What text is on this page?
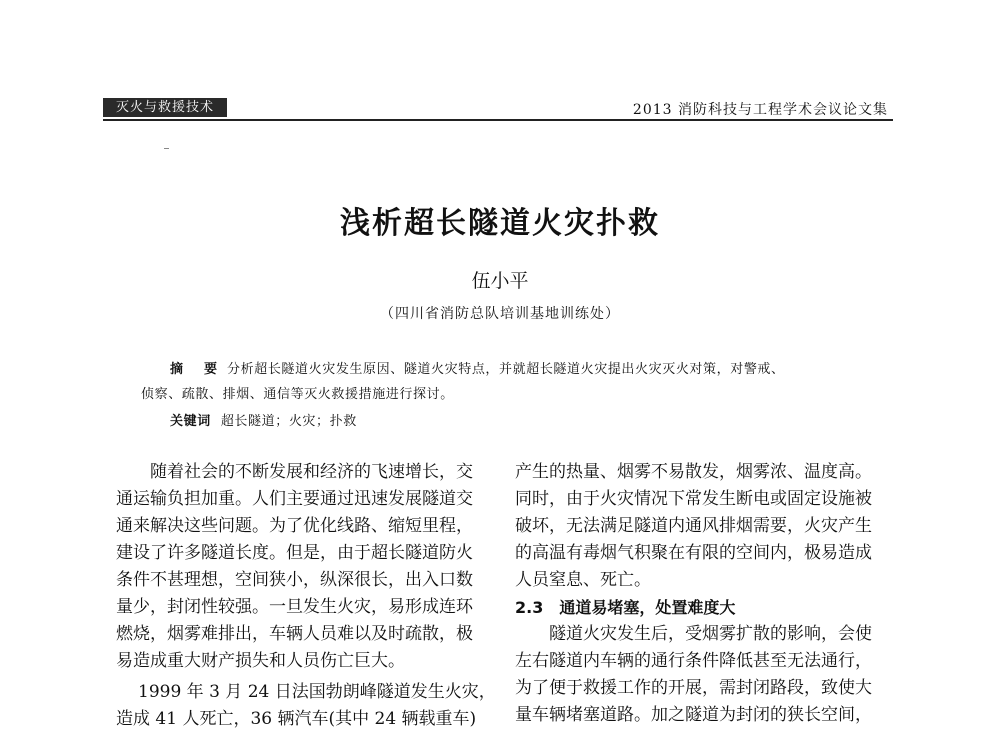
灭火与救援技术	2013 消防科技与工程学术会议论文集
浅析超长隧道火灾扑救
伍小平
（四川省消防总队培训基地训练处）
摘　要 分析超长隧道火灾发生原因、隧道火灾特点，并就超长隧道火灾提出火灾灭火对策，对警戒、
侦察、疏散、排烟、通信等灭火救援措施进行探讨。
关键词 超长隧道；火灾；扑救

随着社会的不断发展和经济的飞速增长，交

通运输负担加重。人们主要通过迅速发展隧道交

通来解决这些问题。为了优化线路、缩短里程，

建设了许多隧道长度。但是，由于超长隧道防火

条件不甚理想，空间狭小，纵深很长，出入口数

量少，封闭性较强。一旦发生火灾，易形成连环

燃烧，烟雾难排出，车辆人员难以及时疏散，极

易造成重大财产损失和人员伤亡巨大。

1999 年 3 月 24 日法国勃朗峰隧道发生火灾，

造成 41 人死亡，36 辆汽车(其中 24 辆载重车)

产生的热量、烟雾不易散发，烟雾浓、温度高。

同时，由于火灾情况下常发生断电或固定设施被

破坏，无法满足隧道内通风排烟需要，火灾产生

的高温有毒烟气积聚在有限的空间内，极易造成

人员窒息、死亡。

2.3　通道易堵塞，处置难度大

隧道火灾发生后，受烟雾扩散的影响，会使

左右隧道内车辆的通行条件降低甚至无法通行，

为了便于救援工作的开展，需封闭路段，致使大

量车辆堵塞道路。加之隧道为封闭的狭长空间，
